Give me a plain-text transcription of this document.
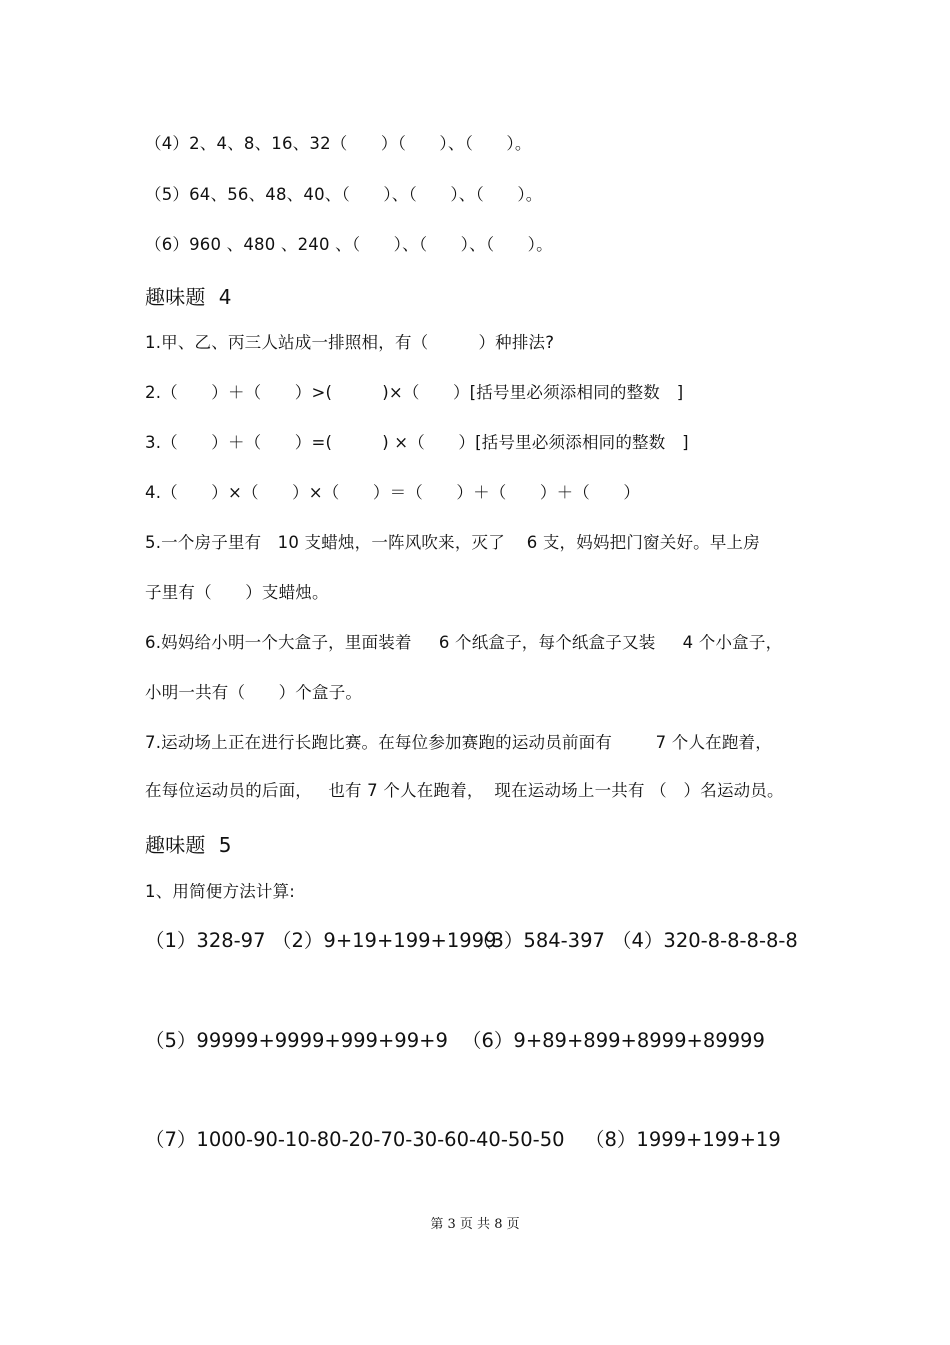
（4）2、4、8、16、32（　　）（　　）、（　　）。
（5）64、56、48、40、（　　）、（　　）、（　　）。
（6）960 、480 、240 、（　　）、（　　）、（　　）。
趣味题  4
1.甲、乙、丙三人站成一排照相，有（　　　）种排法?
2.（　　）＋（　　）>(　　　)×（　　）[括号里必须添相同的整数　]
3.（　　）＋（　　）=(　　　) ×（　　）[括号里必须添相同的整数　]
4.（　　）×（　　）×（　　）＝（　　）＋（　　）＋（　　）
5.一个房子里有   10 支蜡烛，一阵风吹来，灭了    6 支，妈妈把门窗关好。早上房
子里有（　　）支蜡烛。
6.妈妈给小明一个大盒子，里面装着     6 个纸盒子，每个纸盒子又装     4 个小盒子，
小明一共有（　　）个盒子。
7.运动场上正在进行长跑比赛。在每位参加赛跑的运动员前面有        7 个人在跑着，
在每位运动员的后面，   也有 7 个人在跑着，  现在运动场上一共有 （　）名运动员。
趣味题  5
1、用简便方法计算:
（1）328-97 （2）9+19+199+1999
（3）584-397 （4）320-8-8-8-8-8
（5）99999+9999+999+99+9 （6）9+89+899+8999+89999
（7）1000-90-10-80-20-70-30-60-40-50-50 （8）1999+199+19
第 3 页 共 8 页
